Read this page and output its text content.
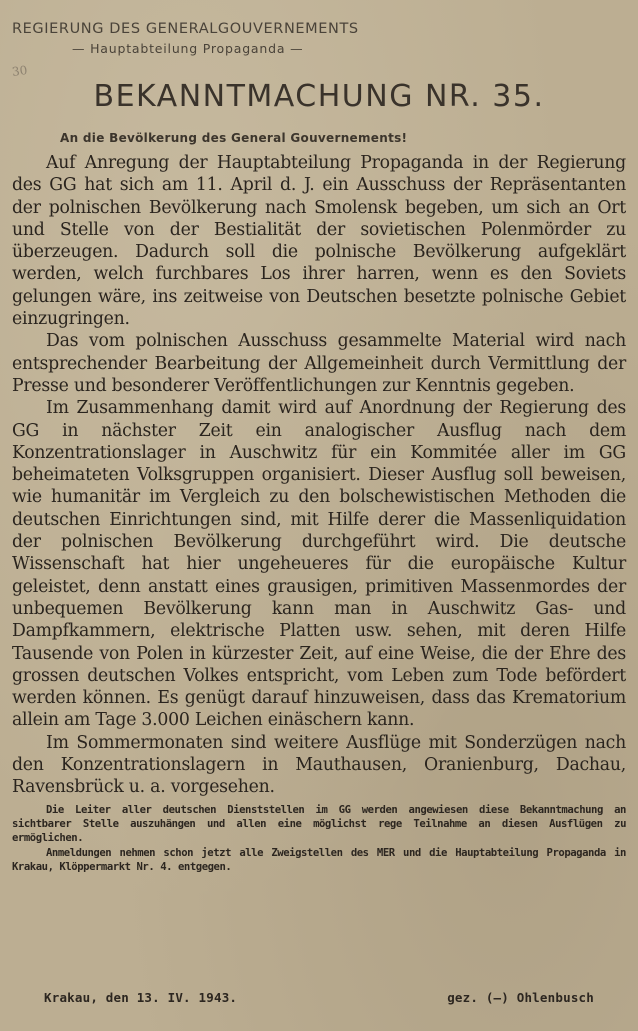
30
REGIERUNG DES GENERALGOUVERNEMENTS
— Hauptabteilung Propaganda —
BEKANNTMACHUNG NR. 35.
An die Bevölkerung des General Gouvernements!

Auf Anregung der Hauptabteilung Propaganda in der Regierung des GG hat sich am 11. April d. J. ein Ausschuss der Repräsentanten der polnischen Bevölkerung nach Smolensk begeben, um sich an Ort und Stelle von der Bestialität der sovietischen Polenmörder zu überzeugen. Dadurch soll die polnische Bevölkerung aufgeklärt werden, welch furchbares Los ihrer harren, wenn es den Soviets gelungen wäre, ins zeitweise von Deutschen besetzte polnische Gebiet einzugringen.

Das vom polnischen Ausschuss gesammelte Material wird nach entsprechender Bearbeitung der Allgemeinheit durch Vermittlung der Presse und besonderer Veröffentlichungen zur Kenntnis gegeben.

Im Zusammenhang damit wird auf Anordnung der Regierung des GG in nächster Zeit ein analogischer Ausflug nach dem Konzentrationslager in Auschwitz für ein Kommitée aller im GG beheimateten Volksgruppen organisiert. Dieser Ausflug soll beweisen, wie humanitär im Vergleich zu den bolschewistischen Methoden die deutschen Einrichtungen sind, mit Hilfe derer die Massenliquidation der polnischen Bevölkerung durchgeführt wird. Die deutsche Wissenschaft hat hier ungeheueres für die europäische Kultur geleistet, denn anstatt eines grausigen, primitiven Massenmordes der unbequemen Bevölkerung kann man in Auschwitz Gas- und Dampfkammern, elektrische Platten usw. sehen, mit deren Hilfe Tausende von Polen in kürzester Zeit, auf eine Weise, die der Ehre des grossen deutschen Volkes entspricht, vom Leben zum Tode befördert werden können. Es genügt darauf hinzuweisen, dass das Krematorium allein am Tage 3.000 Leichen einäschern kann.

Im Sommermonaten sind weitere Ausflüge mit Sonderzügen nach den Konzentrationslagern in Mauthausen, Oranienburg, Dachau, Ravensbrück u. a. vorgesehen.

Die Leiter aller deutschen Dienststellen im GG werden angewiesen diese Bekanntmachung an sichtbarer Stelle auszuhängen und allen eine möglichst rege Teilnahme an diesen Ausflügen zu ermöglichen.

Anmeldungen nehmen schon jetzt alle Zweigstellen des MER und die Hauptabteilung Propaganda in Krakau, Klöppermarkt Nr. 4. entgegen.

Krakau, den 13. IV. 1943.	gez. (—) Ohlenbusch
